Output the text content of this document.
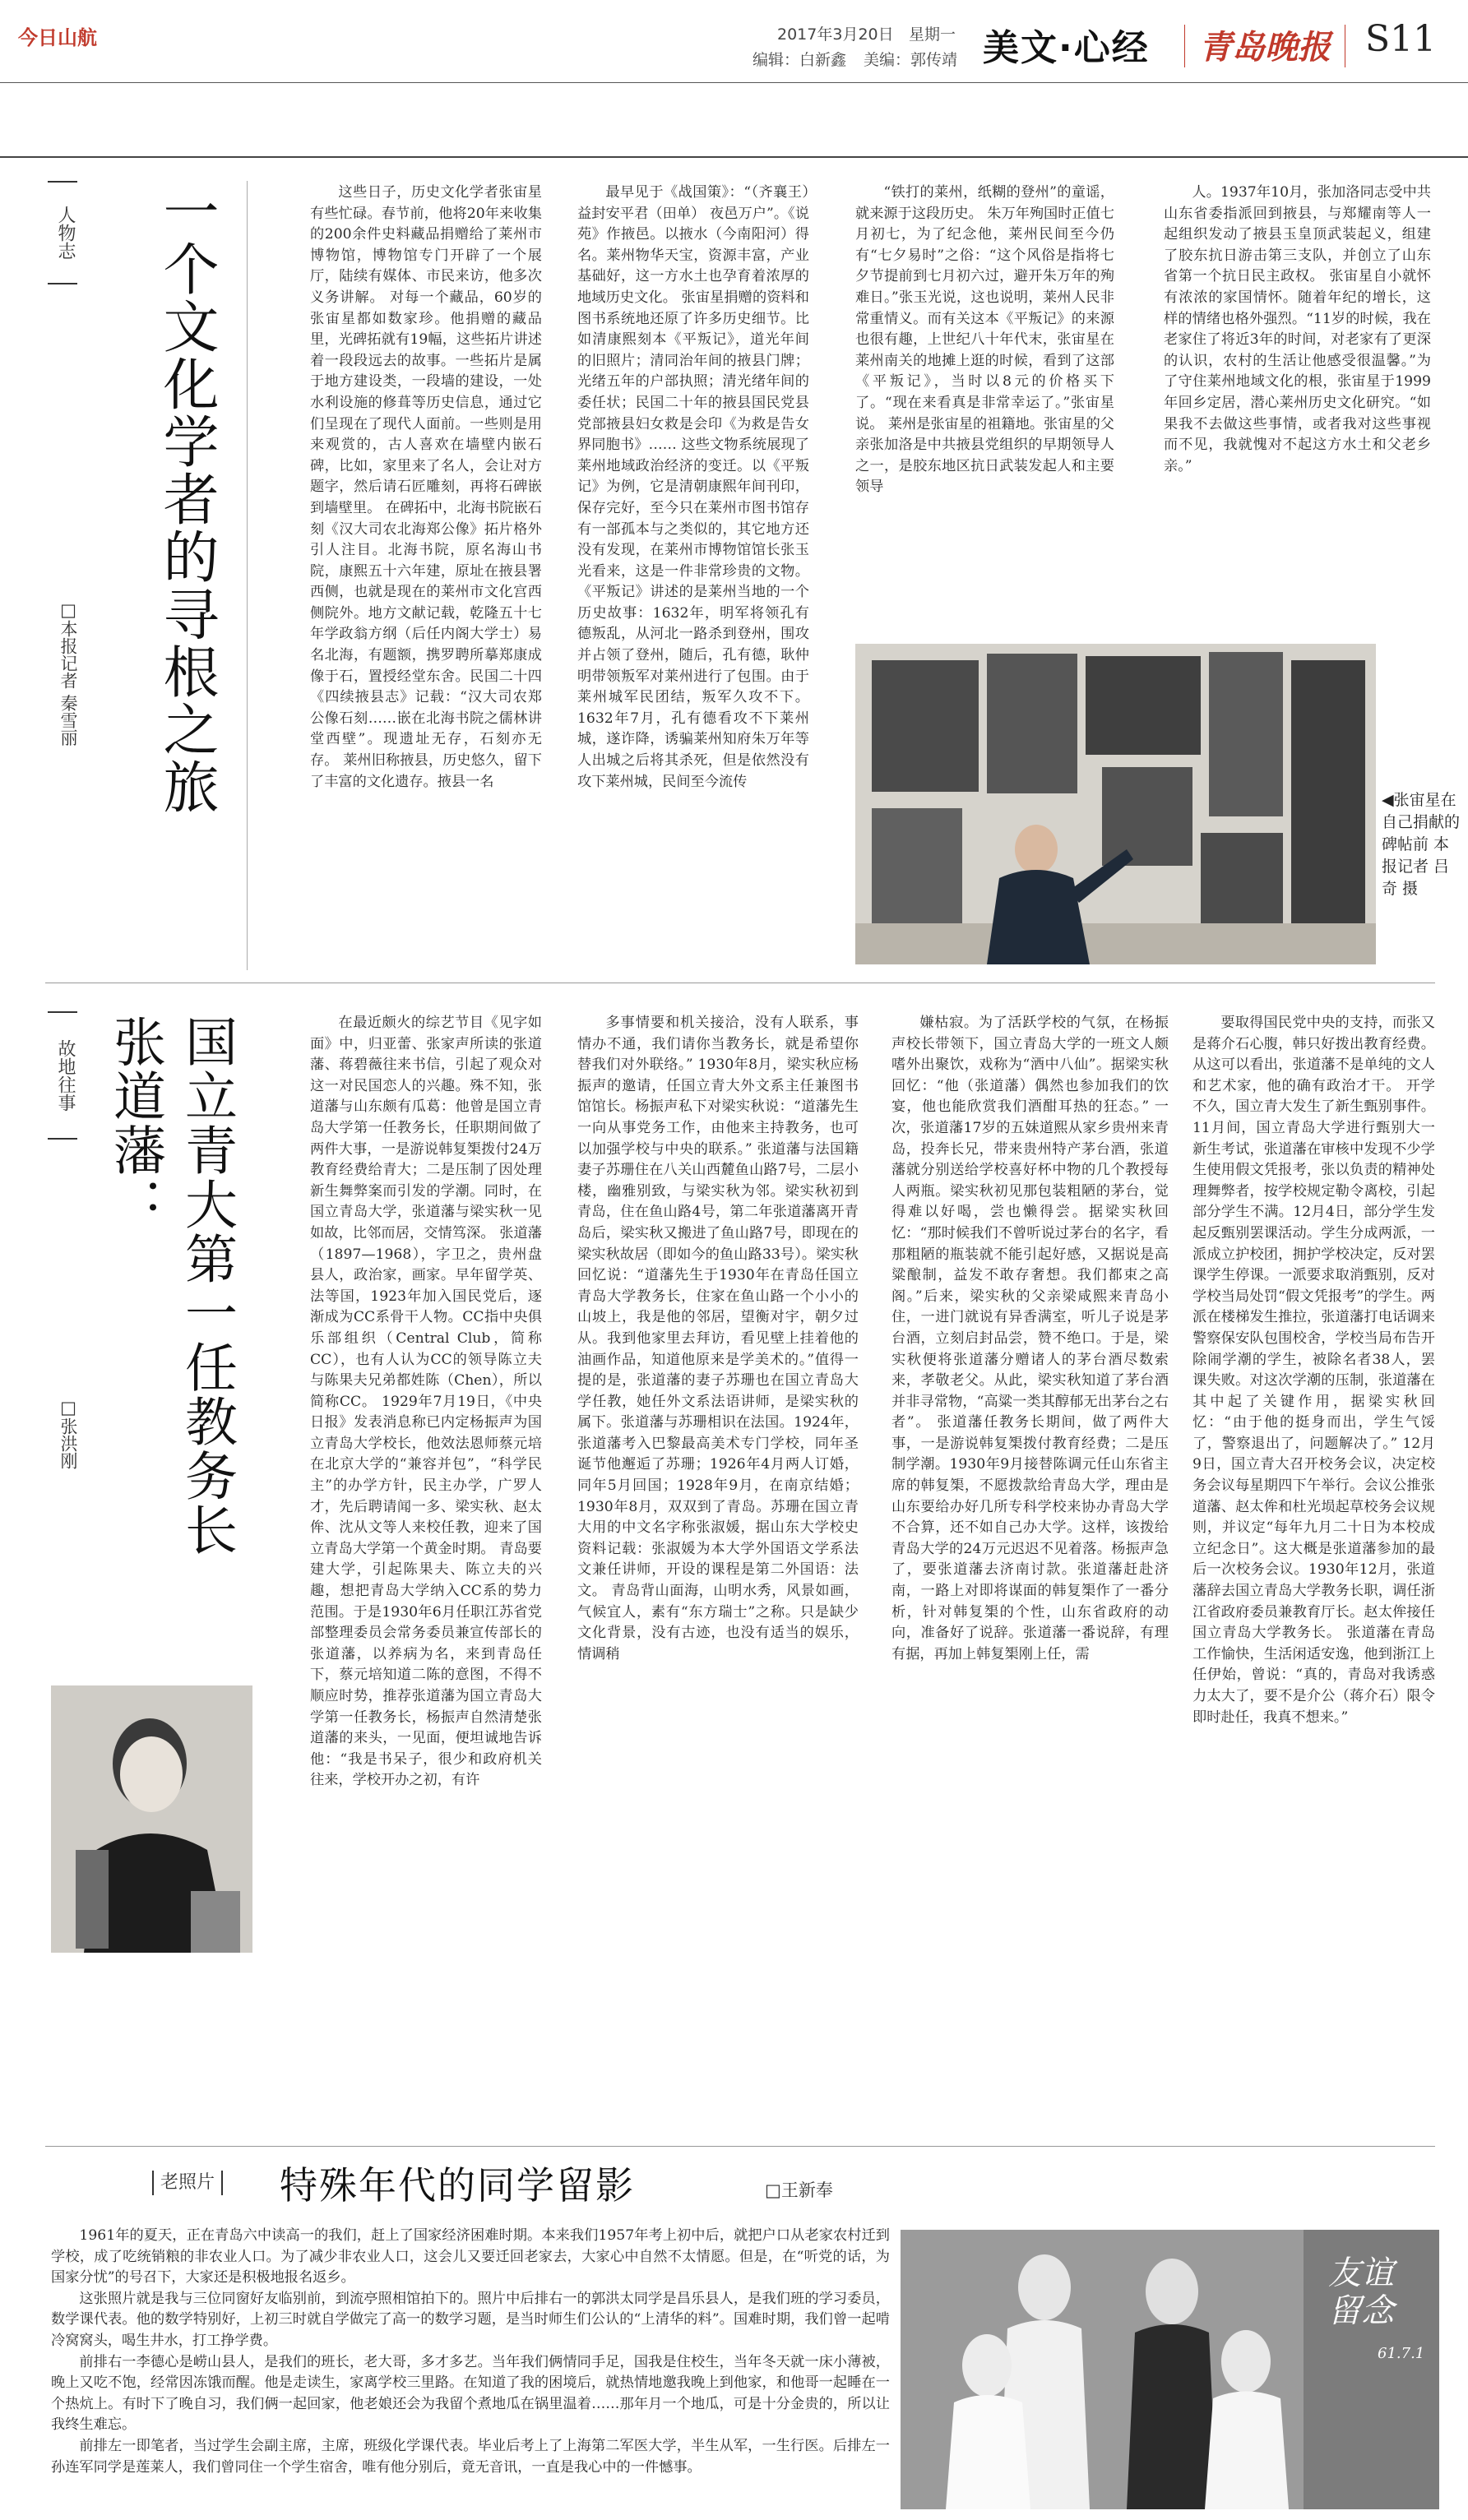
今日山航	2017年3月20日 星期一
编辑：白新鑫 美编：郭传靖 美文·心经 青岛晚报 S11
人物志 一个文化学者的寻根之旅
□本报记者 秦雪丽

这些日子，历史文化学者张宙星有些忙碌。春节前，他将20年来收集的200余件史料藏品捐赠给了莱州市博物馆，博物馆专门开辟了一个展厅，陆续有媒体、市民来访，他多次义务讲解。 对每一个藏品，60岁的张宙星都如数家珍。他捐赠的藏品里，光碑拓就有19幅，这些拓片讲述着一段段远去的故事。一些拓片是属于地方建设类，一段墙的建设，一处水利设施的修葺等历史信息，通过它们呈现在了现代人面前。一些则是用来观赏的，古人喜欢在墙壁内嵌石碑，比如，家里来了名人，会让对方题字，然后请石匠雕刻，再将石碑嵌到墙壁里。 在碑拓中，北海书院嵌石刻《汉大司农北海郑公像》拓片格外引人注目。北海书院，原名海山书院，康熙五十六年建，原址在掖县署西侧，也就是现在的莱州市文化宫西侧院外。地方文献记载，乾隆五十七年学政翁方纲（后任内阁大学士）易名北海，有题额，携罗聘所摹郑康成像于石，置授经堂东舍。民国二十四《四续掖县志》记载：“汉大司农郑公像石刻……嵌在北海书院之儒林讲堂西壁”。现遗址无存，石刻亦无存。 莱州旧称掖县，历史悠久，留下了丰富的文化遗存。掖县一名

最早见于《战国策》：“（齐襄王）益封安平君（田单） 夜邑万户”。《说苑》作掖邑。以掖水（今南阳河）得名。莱州物华天宝，资源丰富，产业基础好，这一方水土也孕育着浓厚的地域历史文化。 张宙星捐赠的资料和图书系统地还原了许多历史细节。比如清康熙刻本《平叛记》，道光年间的旧照片；清同治年间的掖县门牌；光绪五年的户部执照；清光绪年间的委任状；民国二十年的掖县国民党县党部掖县妇女救是会印《为救是告女界同胞书》…… 这些文物系统展现了莱州地域政治经济的变迁。以《平叛记》为例，它是清朝康熙年间刊印，保存完好，至今只在莱州市图书馆存有一部孤本与之类似的，其它地方还没有发现，在莱州市博物馆馆长张玉光看来，这是一件非常珍贵的文物。《平叛记》讲述的是莱州当地的一个历史故事：1632年，明军将领孔有德叛乱，从河北一路杀到登州，围攻并占领了登州，随后，孔有德，耿仲明带领叛军对莱州进行了包围。由于莱州城军民团结，叛军久攻不下。1632年7月，孔有德看攻不下莱州城，遂诈降，诱骗莱州知府朱万年等人出城之后将其杀死，但是依然没有攻下莱州城，民间至今流传

“铁打的莱州，纸糊的登州”的童谣，就来源于这段历史。 朱万年殉国时正值七月初七，为了纪念他，莱州民间至今仍有“七夕易时”之俗：“这个风俗是指将七夕节提前到七月初六过，避开朱万年的殉难日。”张玉光说，这也说明，莱州人民非常重情义。而有关这本《平叛记》的来源也很有趣，上世纪八十年代末，张宙星在莱州南关的地摊上逛的时候，看到了这部《平叛记》，当时以8元的价格买下了。“现在来看真是非常幸运了。”张宙星说。 莱州是张宙星的祖籍地。张宙星的父亲张加洛是中共掖县党组织的早期领导人之一，是胶东地区抗日武装发起人和主要领导

人。1937年10月，张加洛同志受中共山东省委指派回到掖县，与郑耀南等人一起组织发动了掖县玉皇顶武装起义，组建了胶东抗日游击第三支队，并创立了山东省第一个抗日民主政权。 张宙星自小就怀有浓浓的家国情怀。随着年纪的增长，这样的情绪也格外强烈。“11岁的时候，我在老家住了将近3年的时间，对老家有了更深的认识，农村的生活让他感受很温馨。”为了守住莱州地域文化的根，张宙星于1999年回乡定居，潜心莱州历史文化研究。“如果我不去做这些事情，或者我对这些事视而不见，我就愧对不起这方水土和父老乡亲。”

◀张宙星在自己捐献的碑帖前 本报记者 吕奇 摄
故地往事 国立青大第一任教务长
张道藩：
□张洪刚

在最近颇火的综艺节目《见字如面》中，归亚蕾、张家声所读的张道藩、蒋碧薇往来书信，引起了观众对这一对民国恋人的兴趣。殊不知，张道藩与山东颇有瓜葛：他曾是国立青岛大学第一任教务长，任职期间做了两件大事，一是游说韩复榘拨付24万教育经费给青大；二是压制了因处理新生舞弊案而引发的学潮。同时，在国立青岛大学，张道藩与梁实秋一见如故，比邻而居，交情笃深。 张道藩（1897—1968），字卫之，贵州盘县人，政治家，画家。早年留学英、法等国，1923年加入国民党后，逐渐成为CC系骨干人物。CC指中央俱乐部组织（Central Club，简称CC），也有人认为CC的领导陈立夫与陈果夫兄弟都姓陈（Chen），所以简称CC。 1929年7月19日，《中央日报》发表消息称已内定杨振声为国立青岛大学校长，他效法恩师蔡元培在北京大学的“兼容并包”，“科学民主”的办学方针，民主办学，广罗人才，先后聘请闻一多、梁实秋、赵太侔、沈从文等人来校任教，迎来了国立青岛大学第一个黄金时期。 青岛要建大学，引起陈果夫、陈立夫的兴趣，想把青岛大学纳入CC系的势力范围。于是1930年6月任职江苏省党部整理委员会常务委员兼宣传部长的张道藩，以养病为名，来到青岛任下，蔡元培知道二陈的意图，不得不顺应时势，推荐张道藩为国立青岛大学第一任教务长，杨振声自然清楚张道藩的来头，一见面，便坦诚地告诉他：“我是书呆子，很少和政府机关往来，学校开办之初，有许

多事情要和机关接洽，没有人联系，事情办不通，我们请你当教务长，就是希望你替我们对外联络。” 1930年8月，梁实秋应杨振声的邀请，任国立青大外文系主任兼图书馆馆长。杨振声私下对梁实秋说：“道藩先生一向从事党务工作，由他来主持教务，也可以加强学校与中央的联系。” 张道藩与法国籍妻子苏珊住在八关山西麓鱼山路7号，二层小楼，幽雅别致，与梁实秋为邻。梁实秋初到青岛，住在鱼山路4号，第二年张道藩离开青岛后，梁实秋又搬进了鱼山路7号，即现在的梁实秋故居（即如今的鱼山路33号）。梁实秋回忆说：“道藩先生于1930年在青岛任国立青岛大学教务长，住家在鱼山路一个小小的山坡上，我是他的邻居，望衡对宇，朝夕过从。我到他家里去拜访，看见壁上挂着他的油画作品，知道他原来是学美术的。”值得一提的是，张道藩的妻子苏珊也在国立青岛大学任教，她任外文系法语讲师，是梁实秋的属下。张道藩与苏珊相识在法国。1924年，张道藩考入巴黎最高美术专门学校，同年圣诞节他邂逅了苏珊；1926年4月两人订婚，同年5月回国；1928年9月，在南京结婚；1930年8月，双双到了青岛。苏珊在国立青大用的中文名字称张淑媛，据山东大学校史资料记载：张淑媛为本大学外国语文学系法文兼任讲师，开设的课程是第二外国语：法文。 青岛背山面海，山明水秀，风景如画，气候宜人，素有“东方瑞士”之称。只是缺少文化背景，没有古迹，也没有适当的娱乐，情调稍

嫌枯寂。为了活跃学校的气氛，在杨振声校长带领下，国立青岛大学的一班文人颇嗜外出聚饮，戏称为“酒中八仙”。据梁实秋回忆：“他（张道藩）偶然也参加我们的饮宴，他也能欣赏我们酒酣耳热的狂态。” 一次，张道藩17岁的五妹道熙从家乡贵州来青岛，投奔长兄，带来贵州特产茅台酒，张道藩就分别送给学校喜好杯中物的几个教授每人两瓶。梁实秋初见那包装粗陋的茅台，觉得难以好喝，尝也懒得尝。据梁实秋回忆：“那时候我们不曾听说过茅台的名字，看那粗陋的瓶装就不能引起好感，又据说是高粱酿制，益发不敢存奢想。我们都束之高阁。”后来，梁实秋的父亲梁咸熙来青岛小住，一进门就说有异香满室，听儿子说是茅台酒，立刻启封品尝，赞不绝口。于是，梁实秋便将张道藩分赠诸人的茅台酒尽数索来，孝敬老父。从此，梁实秋知道了茅台酒并非寻常物，“高粱一类其醇郁无出茅台之右者”。 张道藩任教务长期间，做了两件大事，一是游说韩复榘拨付教育经费；二是压制学潮。1930年9月接替陈调元任山东省主席的韩复榘，不愿拨款给青岛大学，理由是山东要给办好几所专科学校来协办青岛大学不合算，还不如自己办大学。这样，该拨给青岛大学的24万元迟迟不见着落。杨振声急了，要张道藩去济南讨款。张道藩赶赴济南，一路上对即将谋面的韩复榘作了一番分析，针对韩复榘的个性，山东省政府的动向，准备好了说辞。张道藩一番说辞，有理有据，再加上韩复榘刚上任，需

要取得国民党中央的支持，而张又是蒋介石心腹，韩只好拨出教育经费。从这可以看出，张道藩不是单纯的文人和艺术家，他的确有政治才干。 开学不久，国立青大发生了新生甄别事件。11月间，国立青岛大学进行甄别大一新生考试，张道藩在审核中发现不少学生使用假文凭报考，张以负责的精神处理舞弊者，按学校规定勒令离校，引起部分学生不满。12月4日，部分学生发起反甄别罢课活动。学生分成两派，一派成立护校团，拥护学校决定，反对罢课学生停课。一派要求取消甄别，反对学校当局处罚“假文凭报考”的学生。两派在楼梯发生推拉，张道藩打电话调来警察保安队包围校舍，学校当局布告开除闹学潮的学生，被除名者38人，罢课失败。对这次学潮的压制，张道藩在其中起了关键作用，据梁实秋回忆：“由于他的挺身而出，学生气馁了，警察退出了，问题解决了。” 12月9日，国立青大召开校务会议，决定校务会议每星期四下午举行。会议公推张道藩、赵太侔和杜光埙起草校务会议规则，并议定“每年九月二十日为本校成立纪念日”。这大概是张道藩参加的最后一次校务会议。1930年12月，张道藩辞去国立青岛大学教务长职，调任浙江省政府委员兼教育厅长。赵太侔接任国立青岛大学教务长。 张道藩在青岛工作愉快，生活闲适安逸，他到浙江上任伊始，曾说：“真的，青岛对我诱惑力太大了，要不是介公（蒋介石）限令即时赴任，我真不想来。”

老照片 特殊年代的同学留影	□王新奉

1961年的夏天，正在青岛六中读高一的我们，赶上了国家经济困难时期。本来我们1957年考上初中后，就把户口从老家农村迁到学校，成了吃统销粮的非农业人口。为了减少非农业人口，这会儿又要迁回老家去，大家心中自然不太情愿。但是，在“听党的话，为国家分忧”的号召下，大家还是积极地报名返乡。

这张照片就是我与三位同窗好友临别前，到流亭照相馆拍下的。照片中后排右一的郭洪太同学是昌乐县人，是我们班的学习委员，数学课代表。他的数学特别好，上初三时就自学做完了高一的数学习题，是当时师生们公认的“上清华的料”。国难时期，我们曾一起啃冷窝窝头，喝生井水，打工挣学费。

前排右一李德心是崂山县人，是我们的班长，老大哥，多才多艺。当年我们俩情同手足，国我是住校生，当年冬天就一床小薄被，晚上又吃不饱，经常因冻饿而醒。他是走读生，家离学校三里路。在知道了我的困境后，就热情地邀我晚上到他家，和他哥一起睡在一个热炕上。有时下了晚自习，我们俩一起回家，他老娘还会为我留个煮地瓜在锅里温着……那年月一个地瓜，可是十分金贵的，所以让我终生难忘。

前排左一即笔者，当过学生会副主席，主席，班级化学课代表。毕业后考上了上海第二军医大学，半生从军，一生行医。后排左一孙连军同学是莲莱人，我们曾同住一个学生宿舍，唯有他分别后，竟无音讯，一直是我心中的一件憾事。

友谊留念
61.7.1
